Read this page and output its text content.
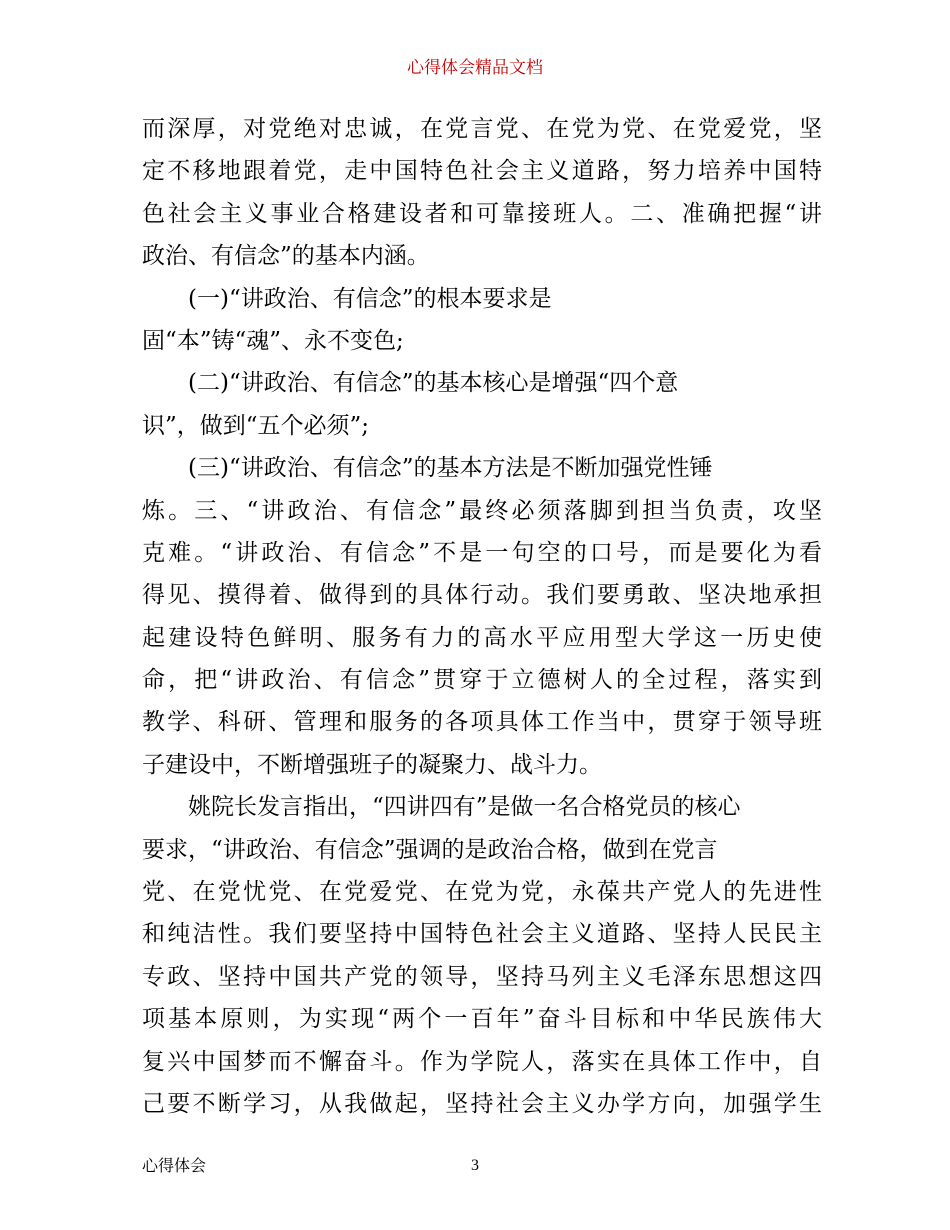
心得体会精品文档
而深厚，对党绝对忠诚，在党言党、在党为党、在党爱党，坚
定不移地跟着党，走中国特色社会主义道路，努力培养中国特
色社会主义事业合格建设者和可靠接班人。二、准确把握“讲
政治、有信念”的基本内涵。
(一)“讲政治、有信念”的根本要求是
固“本”铸“魂”、永不变色;
(二)“讲政治、有信念”的基本核心是增强“四个意
识”，做到“五个必须”;
(三)“讲政治、有信念”的基本方法是不断加强党性锤
炼。三、“讲政治、有信念”最终必须落脚到担当负责，攻坚
克难。“讲政治、有信念”不是一句空的口号，而是要化为看
得见、摸得着、做得到的具体行动。我们要勇敢、坚决地承担
起建设特色鲜明、服务有力的高水平应用型大学这一历史使
命，把“讲政治、有信念”贯穿于立德树人的全过程，落实到
教学、科研、管理和服务的各项具体工作当中，贯穿于领导班
子建设中，不断增强班子的凝聚力、战斗力。
姚院长发言指出，“四讲四有”是做一名合格党员的核心
要求，“讲政治、有信念”强调的是政治合格，做到在党言
党、在党忧党、在党爱党、在党为党，永葆共产党人的先进性
和纯洁性。我们要坚持中国特色社会主义道路、坚持人民民主
专政、坚持中国共产党的领导，坚持马列主义毛泽东思想这四
项基本原则，为实现“两个一百年”奋斗目标和中华民族伟大
复兴中国梦而不懈奋斗。作为学院人，落实在具体工作中，自
己要不断学习，从我做起，坚持社会主义办学方向，加强学生
心得体会	3
